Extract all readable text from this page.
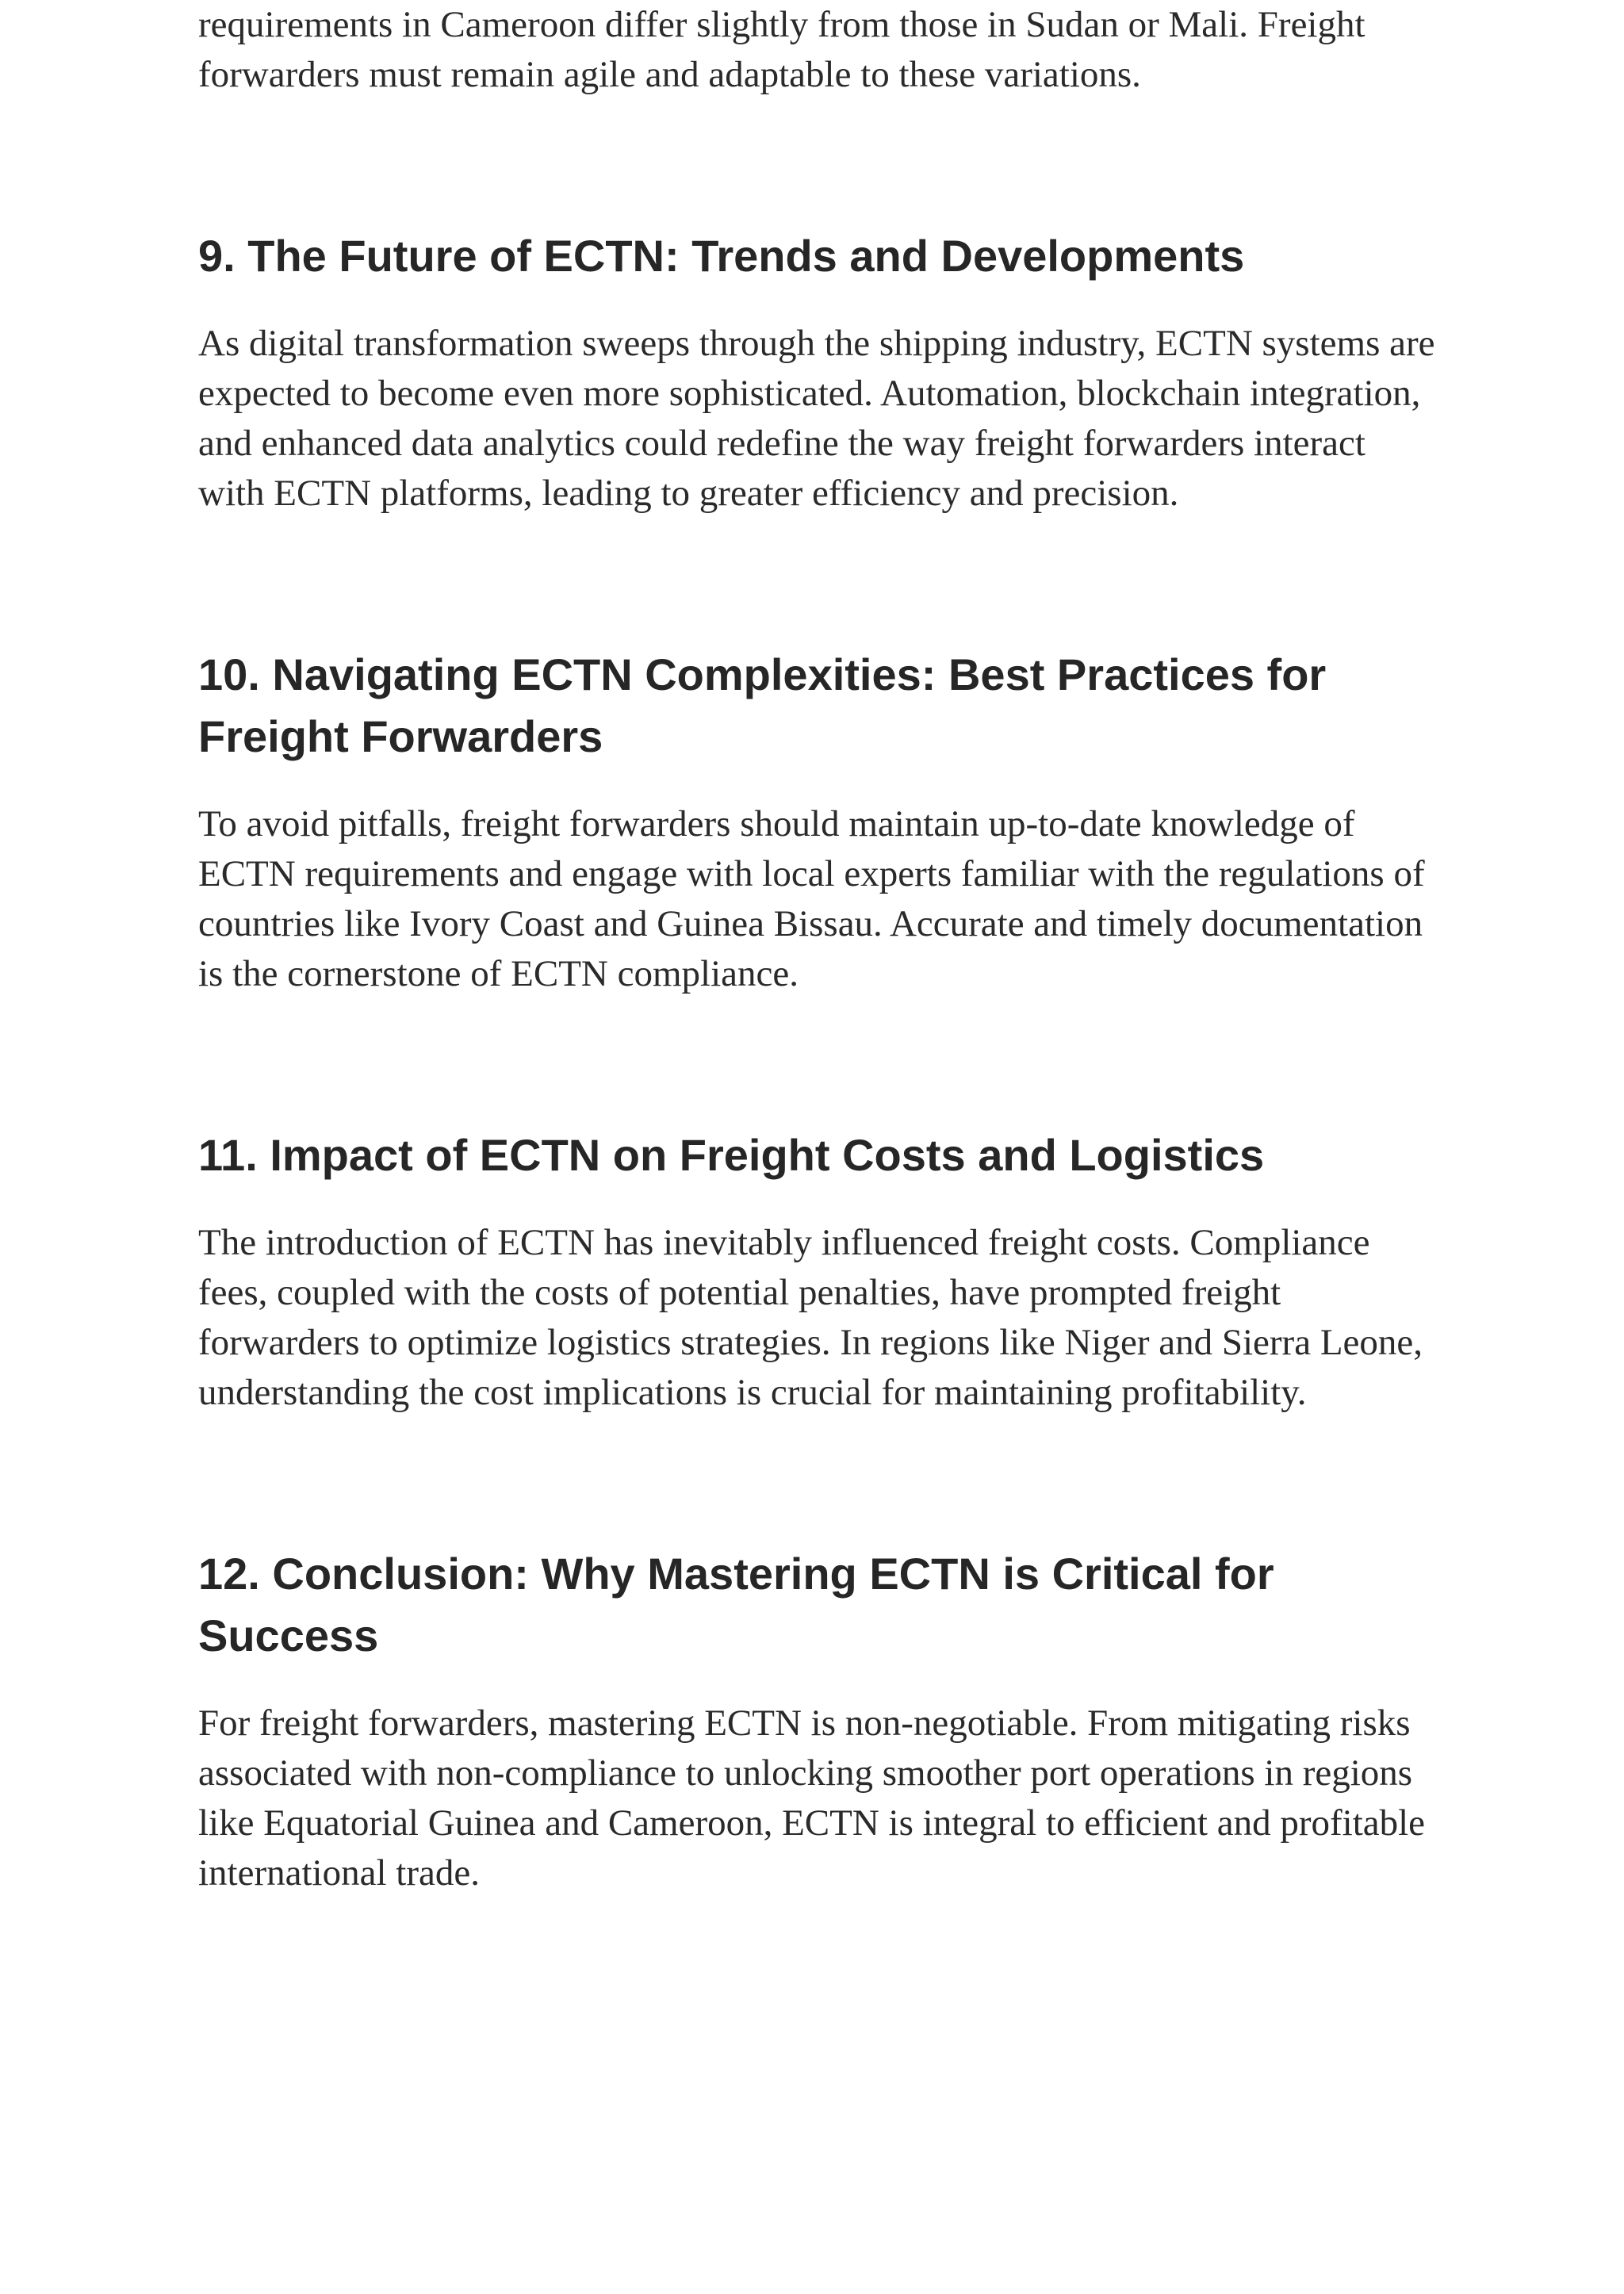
requirements in Cameroon differ slightly from those in Sudan or Mali. Freight forwarders must remain agile and adaptable to these variations.

9. The Future of ECTN: Trends and Developments

As digital transformation sweeps through the shipping industry, ECTN systems are expected to become even more sophisticated. Automation, blockchain integration, and enhanced data analytics could redefine the way freight forwarders interact with ECTN platforms, leading to greater efficiency and precision.

10. Navigating ECTN Complexities: Best Practices for Freight Forwarders

To avoid pitfalls, freight forwarders should maintain up-to-date knowledge of ECTN requirements and engage with local experts familiar with the regulations of countries like Ivory Coast and Guinea Bissau. Accurate and timely documentation is the cornerstone of ECTN compliance.

11. Impact of ECTN on Freight Costs and Logistics

The introduction of ECTN has inevitably influenced freight costs. Compliance fees, coupled with the costs of potential penalties, have prompted freight forwarders to optimize logistics strategies. In regions like Niger and Sierra Leone, understanding the cost implications is crucial for maintaining profitability.

12. Conclusion: Why Mastering ECTN is Critical for Success

For freight forwarders, mastering ECTN is non-negotiable. From mitigating risks associated with non-compliance to unlocking smoother port operations in regions like Equatorial Guinea and Cameroon, ECTN is integral to efficient and profitable international trade.
